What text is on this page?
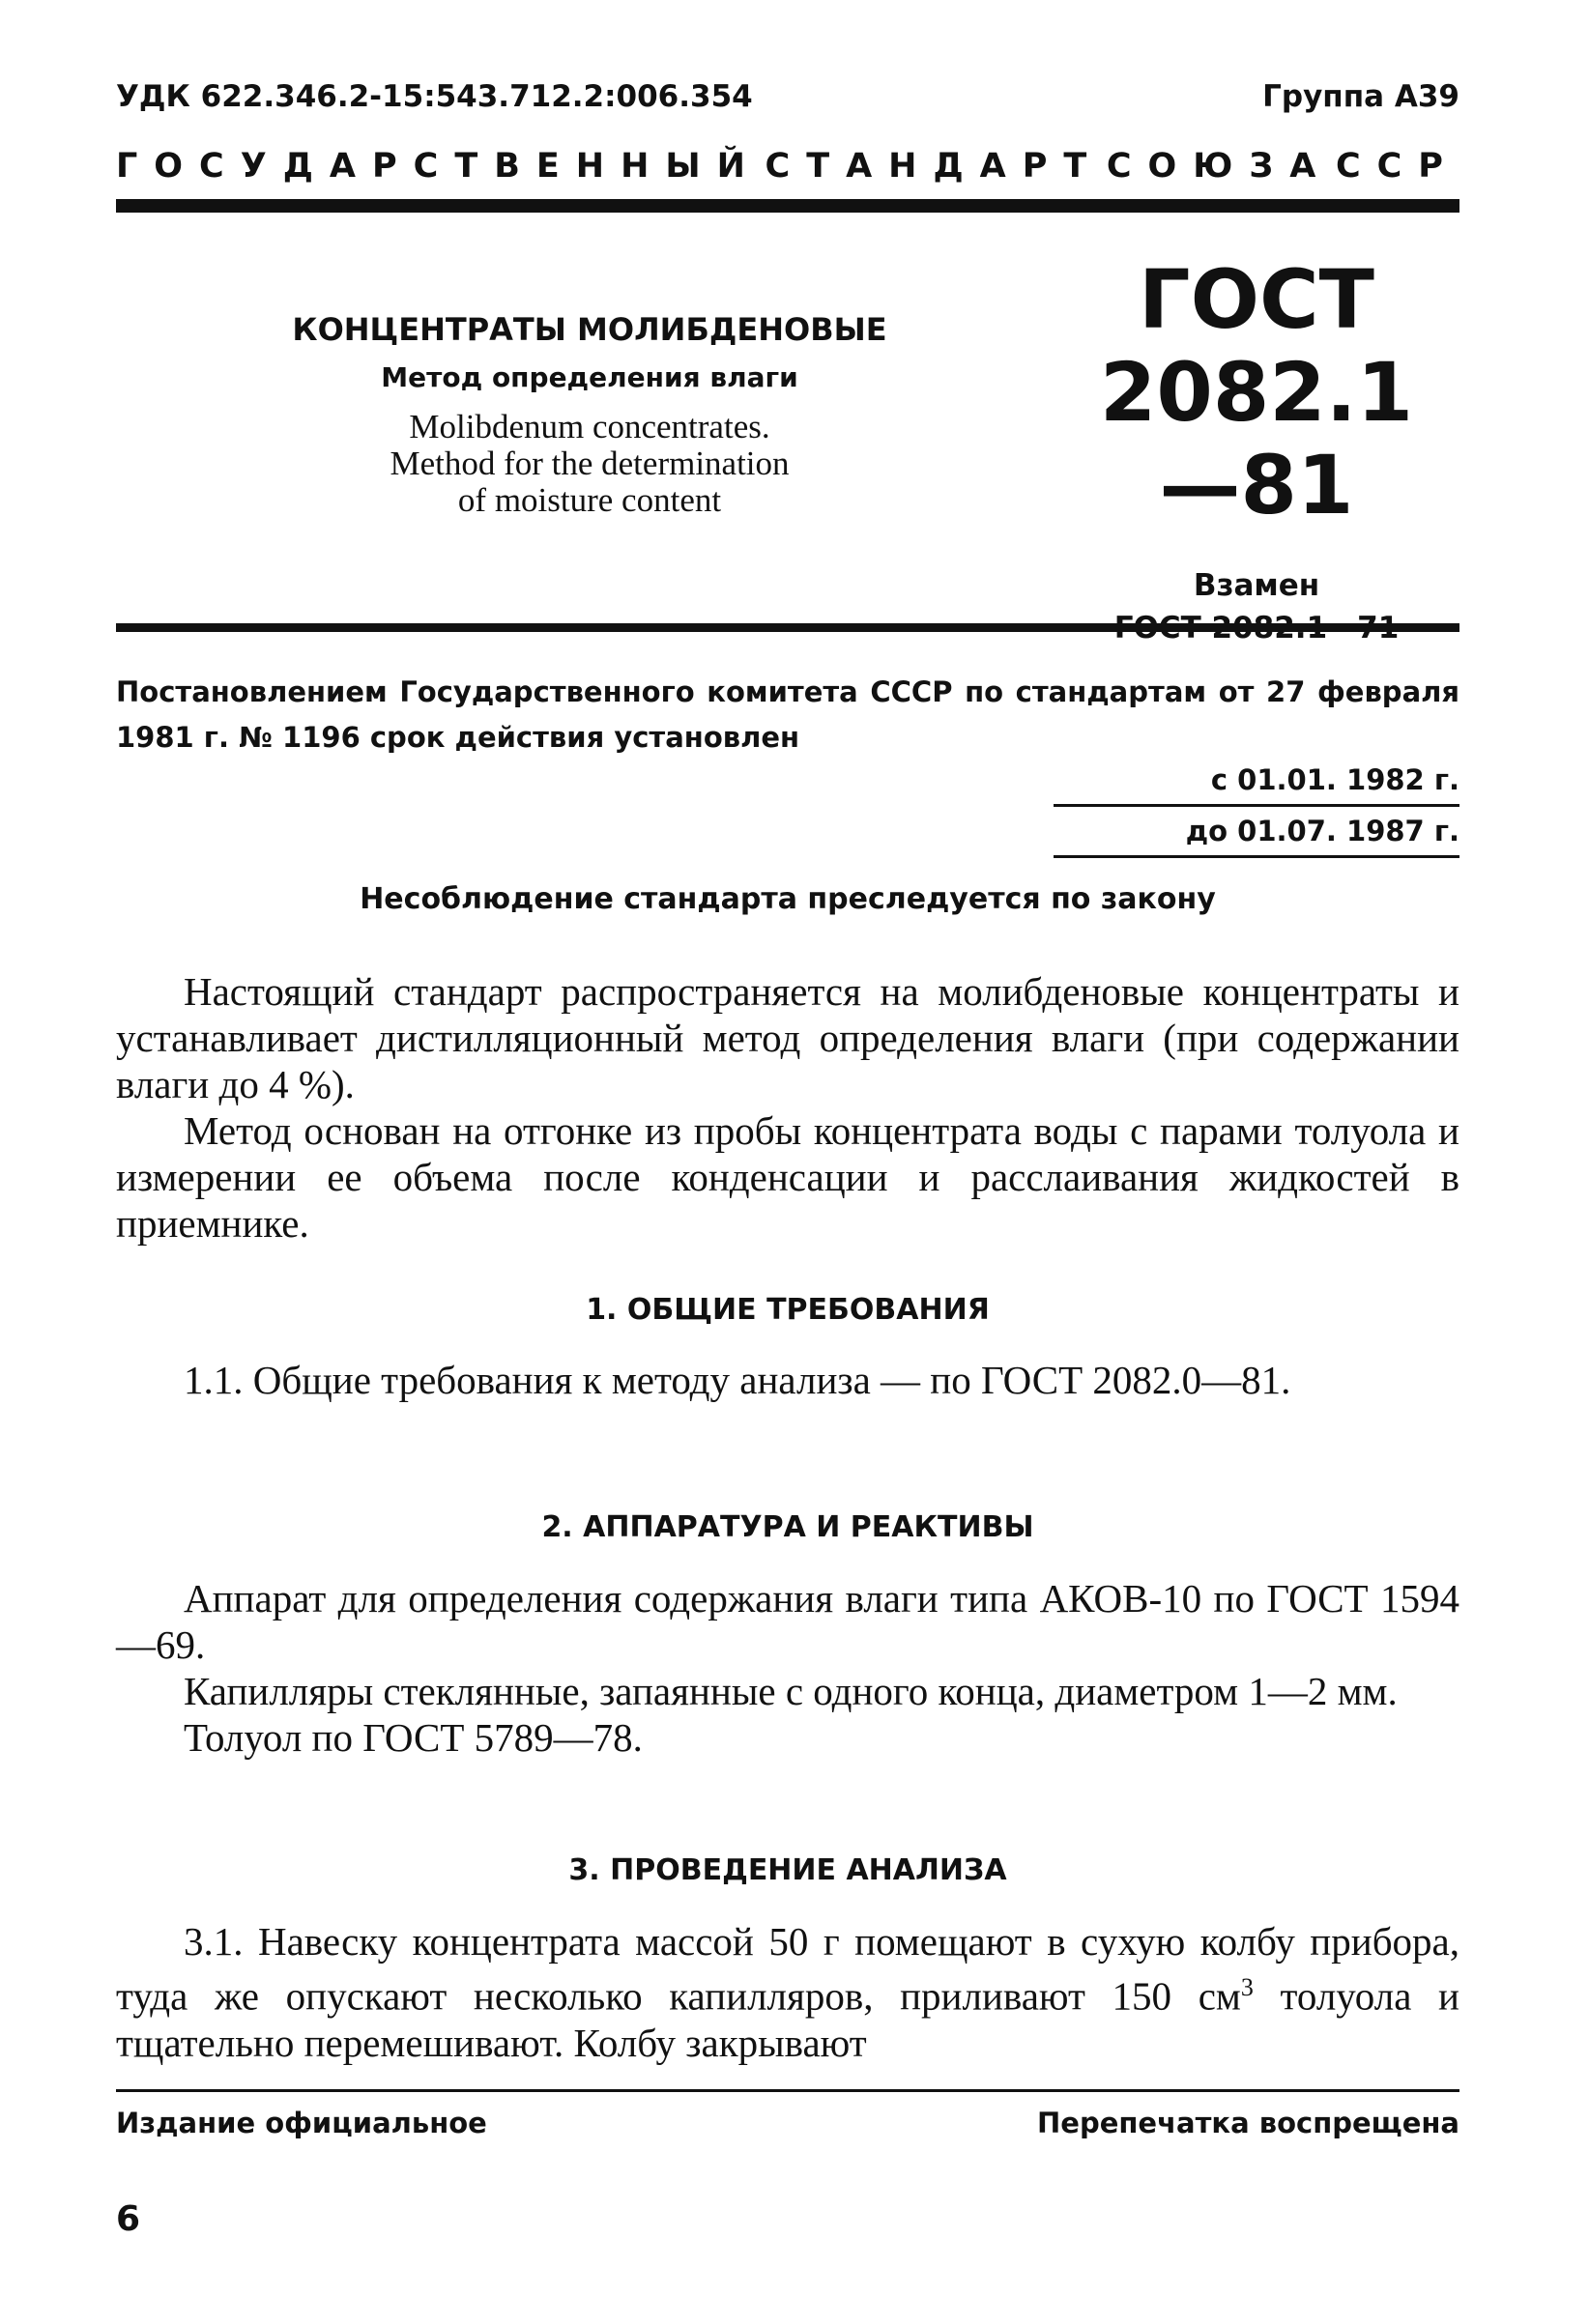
УДК 622.346.2-15:543.712.2:006.354	Группа А39
ГОСУДАРСТВЕННЫЙ СТАНДАРТ СОЮЗА ССР
КОНЦЕНТРАТЫ МОЛИБДЕНОВЫЕ
Метод определения влаги
Molibdenum concentrates.
Method for the determination
of moisture content
ГОСТ
2082.1—81
Взамен
Постановлением Государственного комитета СССР по стандартам от 27 февраля 1981 г. № 1196 срок действия установлен
с 01.01. 1982 г.
до 01.07. 1987 г.
Несоблюдение стандарта преследуется по закону

Настоящий стандарт распространяется на молибденовые концентраты и устанавливает дистилляционный метод определения влаги (при содержании влаги до 4 %).

Метод основан на отгонке из пробы концентрата воды с парами толуола и измерении ее объема после конденсации и расслаивания жидкостей в приемнике.

1. ОБЩИЕ ТРЕБОВАНИЯ

1.1. Общие требования к методу анализа — по ГОСТ 2082.0—81.

2. АППАРАТУРА И РЕАКТИВЫ

Аппарат для определения содержания влаги типа АКОВ-10 по ГОСТ 1594—69.

Капилляры стеклянные, запаянные с одного конца, диаметром 1—2 мм.

Толуол по ГОСТ 5789—78.

3. ПРОВЕДЕНИЕ АНАЛИЗА

3.1. Навеску концентрата массой 50 г помещают в сухую колбу прибора, туда же опускают несколько капилляров, приливают 150 $см^3$ толуола и тщательно перемешивают. Колбу закрывают

Издание официальное	Перепечатка воспрещена
6
